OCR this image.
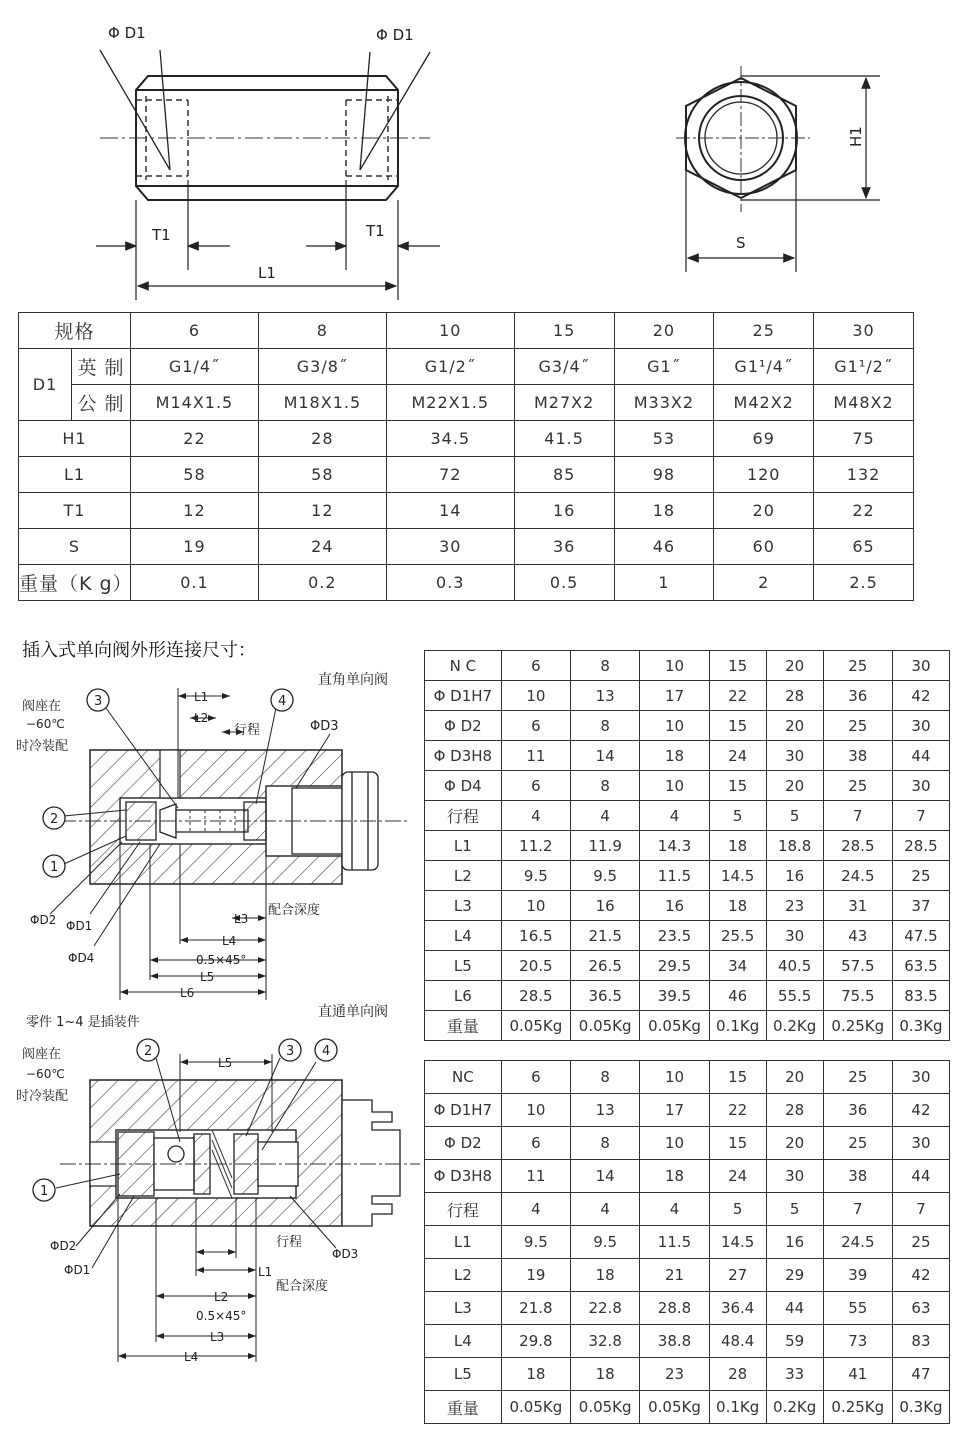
Φ D1	Φ D1
T1	T1
L1
H1
S
规格		6	8	10	15	20	25	30
D1	英 制	G1/4˝	G3/8˝	G1/2˝	G3/4˝	G1˝	G1¹/4˝	G1¹/2˝
	公 制	M14X1.5	M18X1.5	M22X1.5	M27X2	M33X2	M42X2	M48X2
H1		22	28	34.5	41.5	53	69	75
L1		58	58	72	85	98	120	132
T1		12	12	14	16	18	20	22
S		19	24	30	36	46	60	65
重量（K g）		0.1	0.2	0.3	0.5	1	2	2.5
插入式单向阀外形连接尺寸：
3	4
2
1
直角单向阀
阀座在
−60℃
时冷装配
L1
L2
行程	ΦD3
配合深度
L3
L4
0.5×45°
L5
L6
ΦD2 ΦD1
ΦD4
零件 1~4 是插装件
2	3 4
1
直通单向阀
阀座在
−60℃
时冷装配
L5
行程
ΦD3
L1
配合深度
L2
0.5×45°
L3
L4
ΦD2
ΦD1
N C	6	8	10	15	20	25	30
Φ D1H7	10	13	17	22	28	36	42
Φ D2	6	8	10	15	20	25	30
Φ D3H8	11	14	18	24	30	38	44
Φ D4	6	8	10	15	20	25	30
行程	4	4	4	5	5	7	7
L1	11.2	11.9	14.3	18	18.8	28.5	28.5
L2	9.5	9.5	11.5	14.5	16	24.5	25
L3	10	16	16	18	23	31	37
L4	16.5	21.5	23.5	25.5	30	43	47.5
L5	20.5	26.5	29.5	34	40.5	57.5	63.5
L6	28.5	36.5	39.5	46	55.5	75.5	83.5
重量	0.05Kg	0.05Kg	0.05Kg	0.1Kg	0.2Kg	0.25Kg	0.3Kg
NC	6	8	10	15	20	25	30
Φ D1H7	10	13	17	22	28	36	42
Φ D2	6	8	10	15	20	25	30
Φ D3H8	11	14	18	24	30	38	44
行程	4	4	4	5	5	7	7
L1	9.5	9.5	11.5	14.5	16	24.5	25
L2	19	18	21	27	29	39	42
L3	21.8	22.8	28.8	36.4	44	55	63
L4	29.8	32.8	38.8	48.4	59	73	83
L5	18	18	23	28	33	41	47
重量	0.05Kg	0.05Kg	0.05Kg	0.1Kg	0.2Kg	0.25Kg	0.3Kg
